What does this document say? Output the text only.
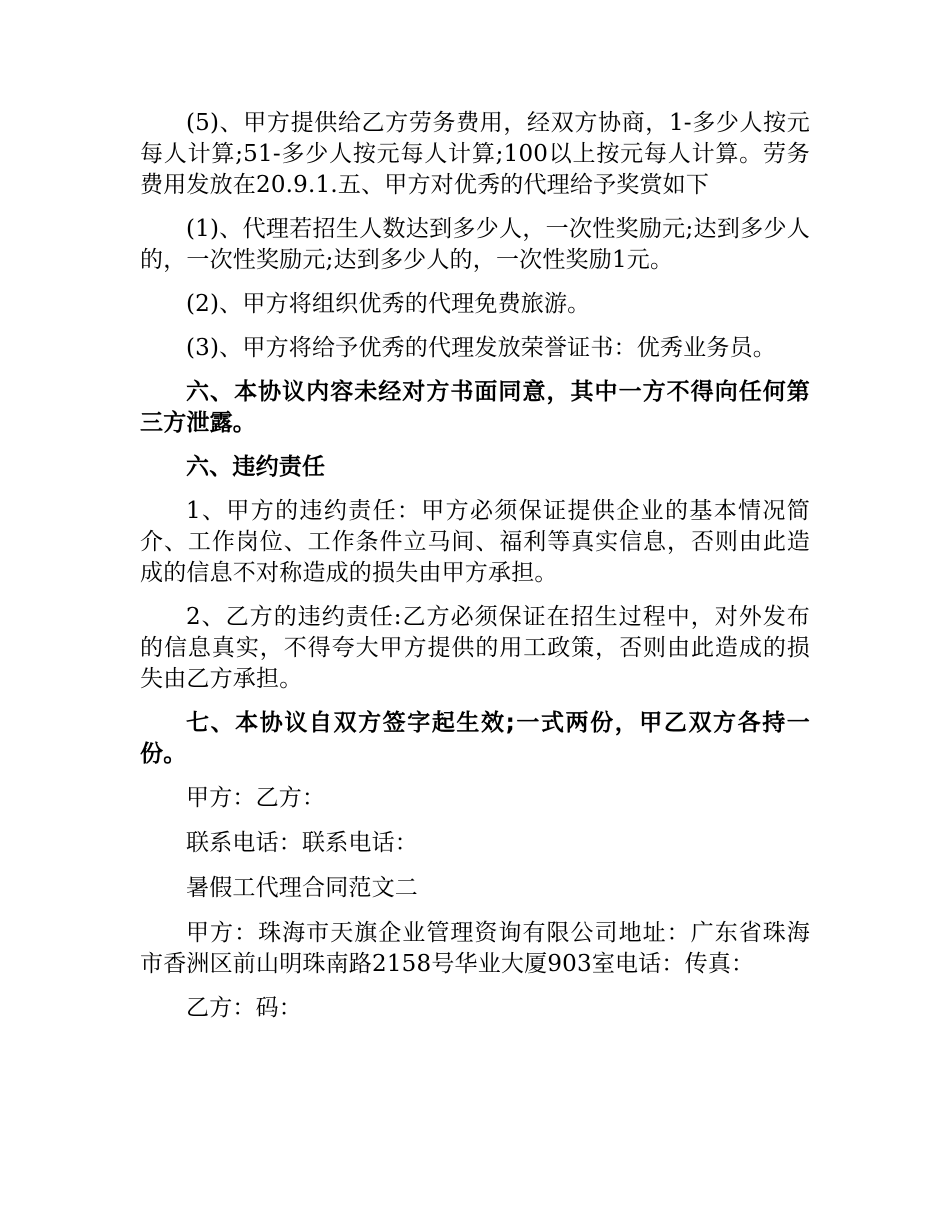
(5)、甲方提供给乙方劳务费用，经双方协商，1-多少人按元每人计算;51-多少人按元每人计算;100以上按元每人计算。劳务费用发放在20.9.1.五、甲方对优秀的代理给予奖赏如下

(1)、代理若招生人数达到多少人，一次性奖励元;达到多少人的，一次性奖励元;达到多少人的，一次性奖励1元。

(2)、甲方将组织优秀的代理免费旅游。

(3)、甲方将给予优秀的代理发放荣誉证书：优秀业务员。

六、本协议内容未经对方书面同意，其中一方不得向任何第三方泄露。

六、违约责任

1、甲方的违约责任：甲方必须保证提供企业的基本情况简介、工作岗位、工作条件立马间、福利等真实信息，否则由此造成的信息不对称造成的损失由甲方承担。

2、乙方的违约责任:乙方必须保证在招生过程中，对外发布的信息真实，不得夸大甲方提供的用工政策，否则由此造成的损失由乙方承担。

七、本协议自双方签字起生效;一式两份，甲乙双方各持一份。

甲方：乙方：

联系电话：联系电话：

暑假工代理合同范文二

甲方：珠海市天旗企业管理资询有限公司地址：广东省珠海市香洲区前山明珠南路2158号华业大厦903室电话：传真：

乙方：码：
